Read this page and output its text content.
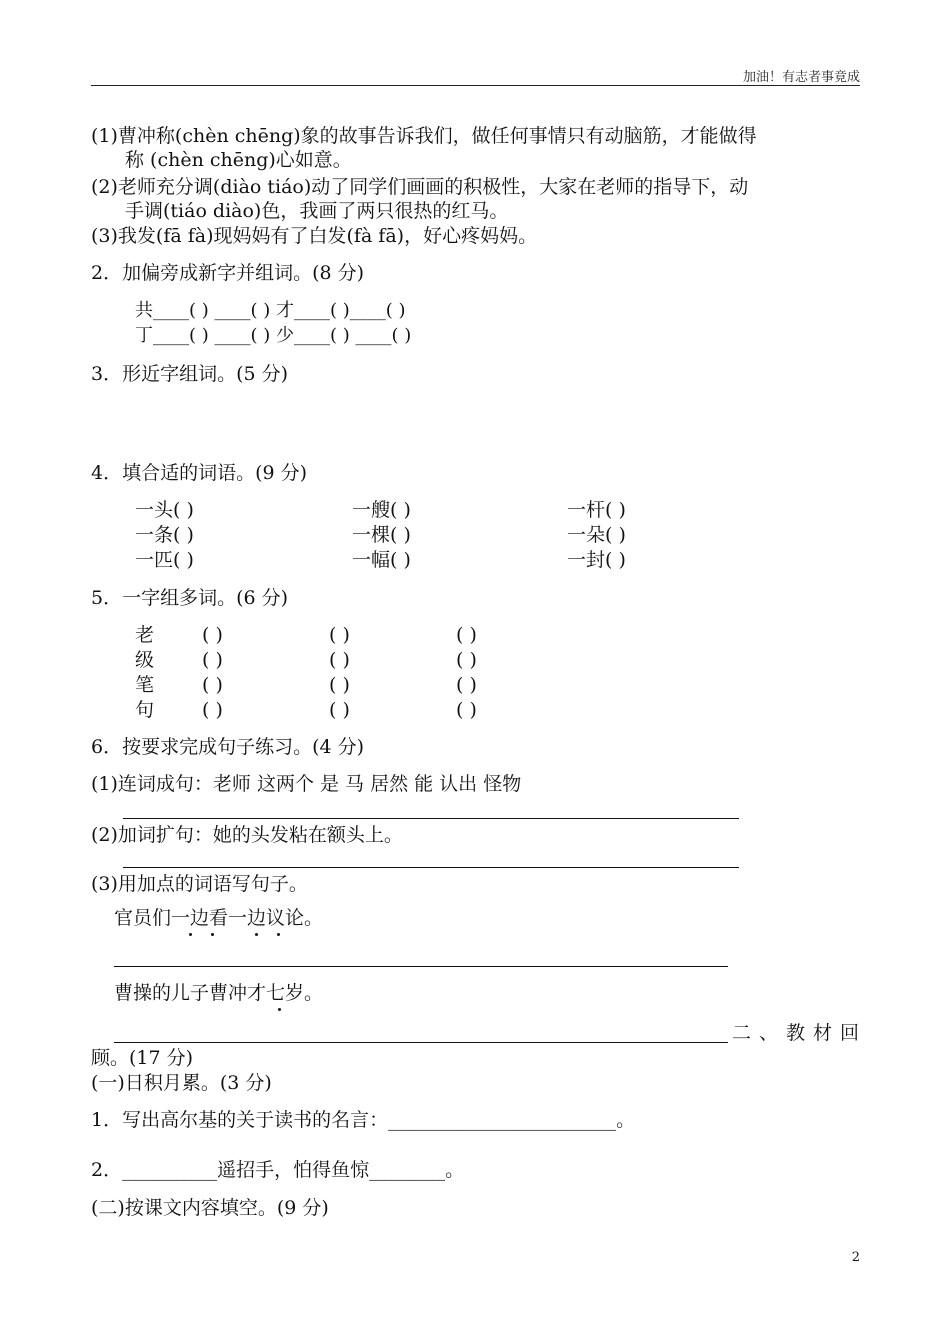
加油！有志者事竟成
(1)曹冲称(chèn chēng)象的故事告诉我们，做任何事情只有动脑筋，才能做得
称 (chèn chēng)心如意。
(2)老师充分调(diào tiáo)动了同学们画画的积极性，大家在老师的指导下，动
手调(tiáo diào)色，我画了两只很热的红马。
(3)我发(fā fà)现妈妈有了白发(fà fā)，好心疼妈妈。
2．加偏旁成新字并组词。(8 分)
共____( ) ____( ) 才____( )____( )
丁____( ) ____( ) 少____( ) ____( )
3．形近字组词。(5 分)
4．填合适的词语。(9 分)
一头( )	一艘( )	一杆( )
一条( )	一棵( )	一朵( )
一匹( )	一幅( )	一封( )
5．一字组多词。(6 分)
老	( )	( )	( )
级	( )	( )	( )
笔	( )	( )	( )
句	( )	( )	( )
6．按要求完成句子练习。(4 分)
(1)连词成句：老师 这两个 是 马 居然 能 认出 怪物
(2)加词扩句：她的头发粘在额头上。
(3)用加点的词语写句子。
官员们一边看一边议论。
曹操的儿子曹冲才七岁。
二、教材回
顾。(17 分)
(一)日积月累。(3 分)
1．写出高尔基的关于读书的名言：________________________。
2．__________遥招手，怕得鱼惊________。
(二)按课文内容填空。(9 分)
2
